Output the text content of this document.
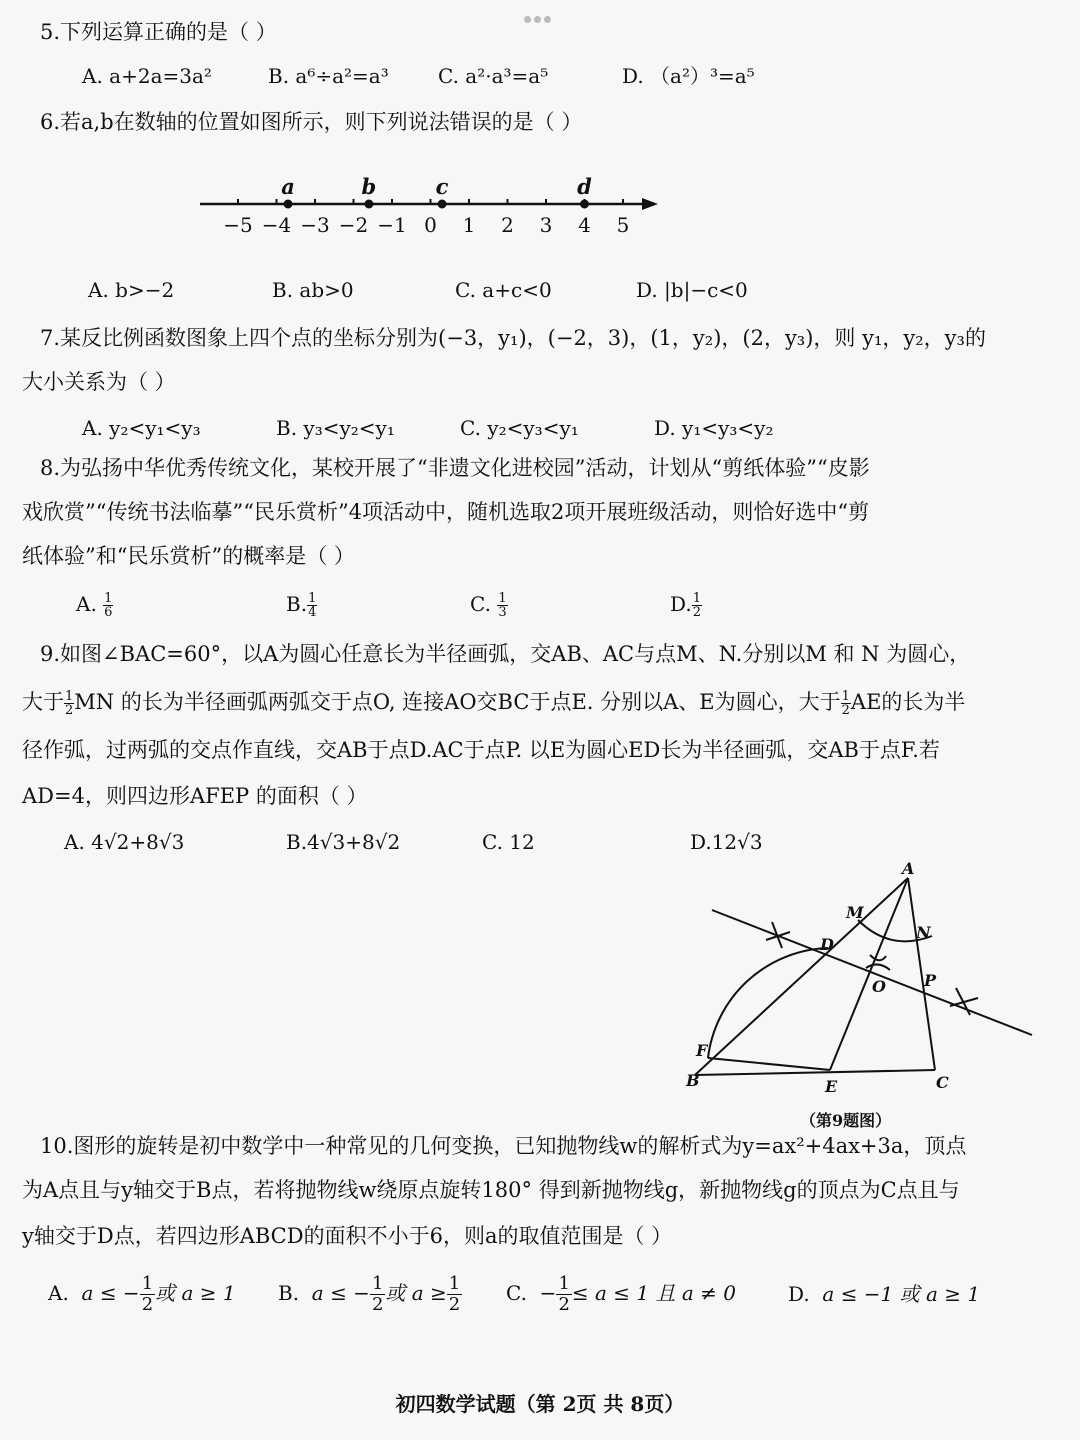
5.下列运算正确的是（ ）
A. a+2a=3a²	B. a⁶÷a²=a³ C. a²·a³=a⁵	D. （a²）³=a⁵
6.若a,b在数轴的位置如图所示，则下列说法错误的是（ ）
−5 −4 −3 −2 −1 0 1 2 3 4 5
a	b	c	d
A. b>−2	B. ab>0	C. a+c<0	D. |b|−c<0
7.某反比例函数图象上四个点的坐标分别为(−3，y₁)，(−2，3)，(1，y₂)，(2，y₃)，则 y₁，y₂，y₃的
大小关系为（ ）
A. y₂<y₁<y₃	B. y₃<y₂<y₁	C. y₂<y₃<y₁	D. y₁<y₃<y₂
8.为弘扬中华优秀传统文化，某校开展了“非遗文化进校园”活动，计划从“剪纸体验”“皮影
戏欣赏”“传统书法临摹”“民乐赏析”4项活动中，随机选取2项开展班级活动，则恰好选中“剪
纸体验”和“民乐赏析”的概率是（ ）
A. $\frac{1}{6}$	B. $\frac{1}{4}$	C. $\frac{1}{3}$	D. $\frac{1}{2}$
9.如图∠BAC=60°，以A为圆心任意长为半径画弧，交AB、AC与点M、N.分别以M 和 N 为圆心，
大于 $\frac{1}{2}$ MN 的长为半径画弧两弧交于点O, 连接AO交BC于点E. 分别以A、E为圆心，大于 $\frac{1}{2}$ AE的长为半
径作弧，过两弧的交点作直线，交AB于点D.AC于点P. 以E为圆心ED长为半径画弧，交AB于点F.若
AD=4，则四边形AFEP 的面积（ ）
A. 4√2+8√3	B.4√3+8√2	C. 12	D.12√3
A
M
N
D
O P
F
B	E	C
（第9题图）
10.图形的旋转是初中数学中一种常见的几何变换，已知抛物线w的解析式为y=ax²+4ax+3a，顶点
为A点且与y轴交于B点，若将抛物线w绕原点旋转180° 得到新抛物线g，新抛物线g的顶点为C点且与
y轴交于D点，若四边形ABCD的面积不小于6，则a的取值范围是（ ）
A. a ≤ − $\frac{1}{2}$ 或 a ≥ 1 B. a ≤ − $\frac{1}{2}$ 或 $a \ge \frac{1}{2} C$. − $\frac{1}{2} \le a \le 1$ 且 a ≠ 0	D. a ≤ −1 或 a ≥ 1
初四数学试题（第 2页 共 8页）
